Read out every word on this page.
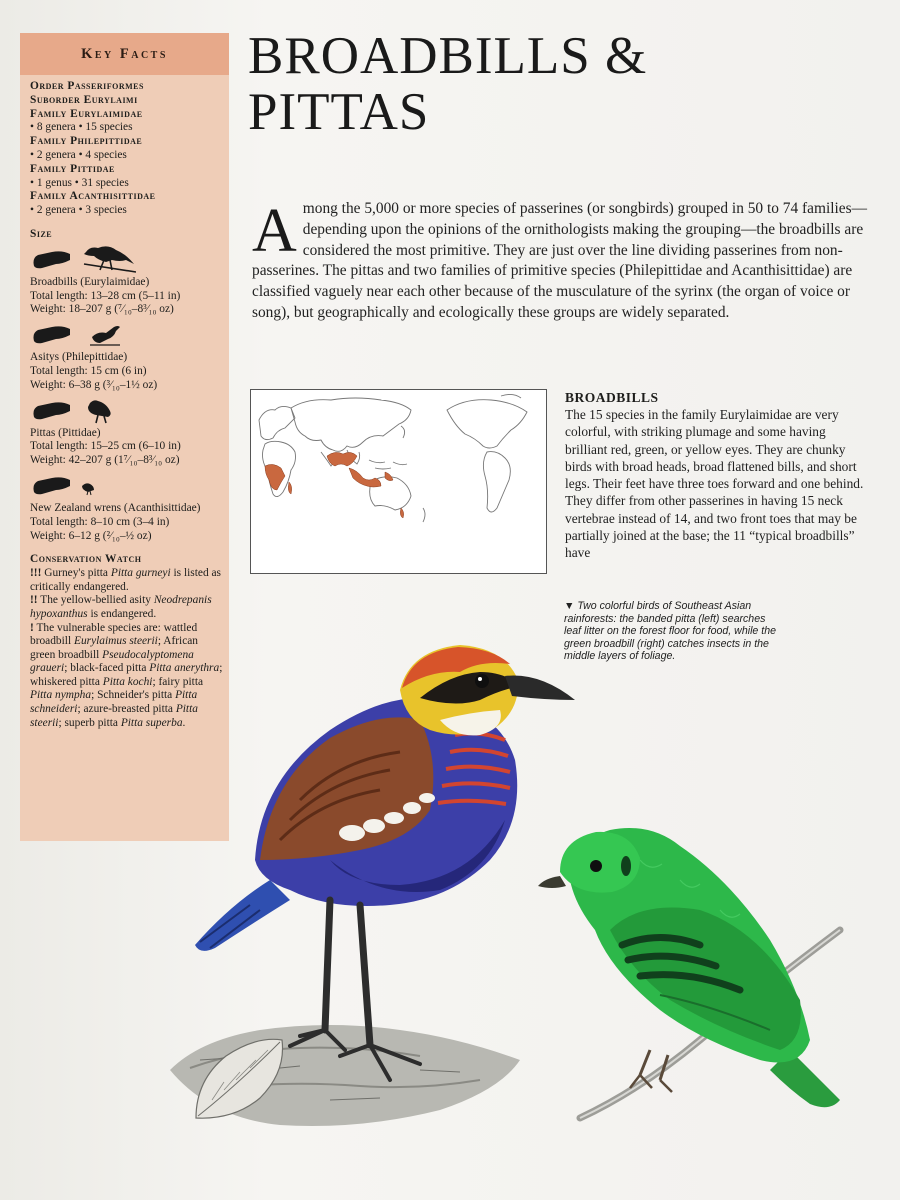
Key Facts
Order Passeriformes
Suborder Eurylaimi
Family Eurylaimidae
• 8 genera • 15 species
Family Philepittidae
• 2 genera • 4 species
Family Pittidae
• 1 genus • 31 species
Family Acanthisittidae
• 2 genera • 3 species
Size
Broadbills (Eurylaimidae)
Total length: 13–28 cm (5–11 in)
Weight: 18–207 g (⁷⁄₁₀–8³⁄₁₀ oz)
Asitys (Philepittidae)
Total length: 15 cm (6 in)
Weight: 6–38 g (³⁄₁₀–1½ oz)
Pittas (Pittidae)
Total length: 15–25 cm (6–10 in)
Weight: 42–207 g (1⁷⁄₁₀–8³⁄₁₀ oz)
New Zealand wrens (Acanthisittidae)
Total length: 8–10 cm (3–4 in)
Weight: 6–12 g (²⁄₁₀–½ oz)
Conservation Watch
!!! Gurney's pitta Pitta gurneyi is listed as critically endangered.
!! The yellow-bellied asity Neodrepanis hypoxanthus is endangered.
! The vulnerable species are: wattled broadbill Eurylaimus steerii; African green broadbill Pseudocalyptomena graueri; black-faced pitta Pitta anerythra; whiskered pitta Pitta kochi; fairy pitta Pitta nympha; Schneider's pitta Pitta schneideri; azure-breasted pitta Pitta steerii; superb pitta Pitta superba.
BROADBILLS &
PITTAS
Among the 5,000 or more species of passerines (or songbirds) grouped in 50 to 74 families—depending upon the opinions of the ornithologists making the grouping—the broadbills are considered the most primitive. They are just over the line dividing passerines from non-passerines. The pittas and two families of primitive species (Philepittidae and Acanthisittidae) are classified vaguely near each other because of the musculature of the syrinx (the organ of voice or song), but geographically and ecologically these groups are widely separated.
BROADBILLS
The 15 species in the family Eurylaimidae are very colorful, with striking plumage and some having brilliant red, green, or yellow eyes. They are chunky birds with broad heads, broad flattened bills, and short legs. Their feet have three toes forward and one behind. They differ from other passerines in having 15 neck vertebrae instead of 14, and two front toes that may be partially joined at the base; the 11 “typical broadbills” have
▼ Two colorful birds of Southeast Asian rainforests: the banded pitta (left) searches leaf litter on the forest floor for food, while the green broadbill (right) catches insects in the middle layers of foliage.
